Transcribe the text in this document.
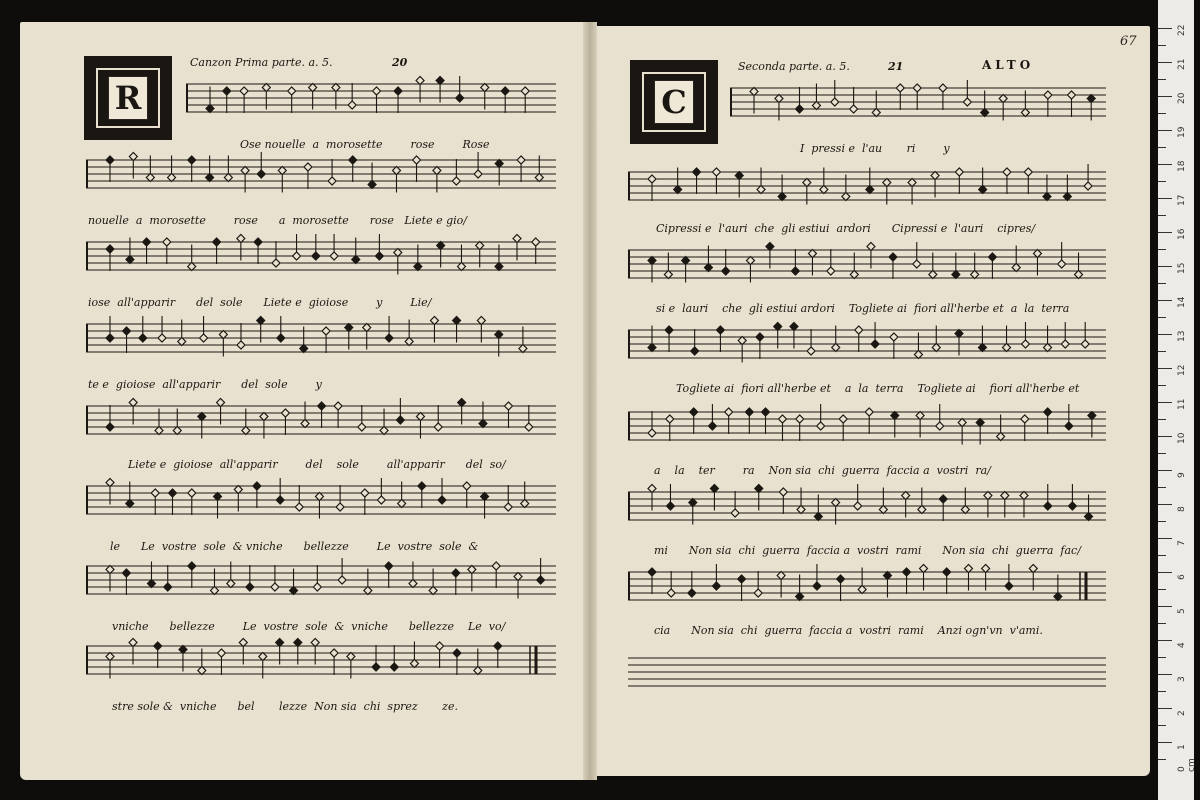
R
Canzon Prima parte. a. 5.	20
C
Seconda parte. a. 5.	21	ALTO
67
Ose nouelle  a  morosette        rose        Rose
nouelle  a  morosette        rose      a  morosette      rose   Liete e gio/
iose  all'apparir      del  sole      Liete e  gioiose        y        Lie/
te e  gioiose  all'apparir      del  sole        y
Liete e  gioiose  all'apparir        del    sole        all'apparir      del  so/
le      Le  vostre  sole  & vniche      bellezze        Le  vostre  sole  &
vniche      bellezze        Le  vostre  sole  &  vniche      bellezze    Le  vo/
stre sole &  vniche      bel       lezze  Non sia  chi  sprez       ze.
I  pressi e  l'au       ri        y
Cipressi e  l'auri  che  gli estiui  ardori      Cipressi e  l'auri    cipres/
si e  lauri    che  gli estiui ardori    Togliete ai  fiori all'herbe et  a  la  terra
Togliete ai  fiori all'herbe et    a  la  terra    Togliete ai    fiori all'herbe et
a    la    ter        ra    Non sia  chi  guerra  faccia a  vostri  ra/
mi      Non sia  chi  guerra  faccia a  vostri  rami      Non sia  chi  guerra  fac/
cia      Non sia  chi  guerra  faccia a  vostri  rami    Anzi ogn'vn  v'ami.
0 cm
1
2
3
4
5
6
7
8
9
10
11
12
13
14
15
16
17
18
19
20
21
22
